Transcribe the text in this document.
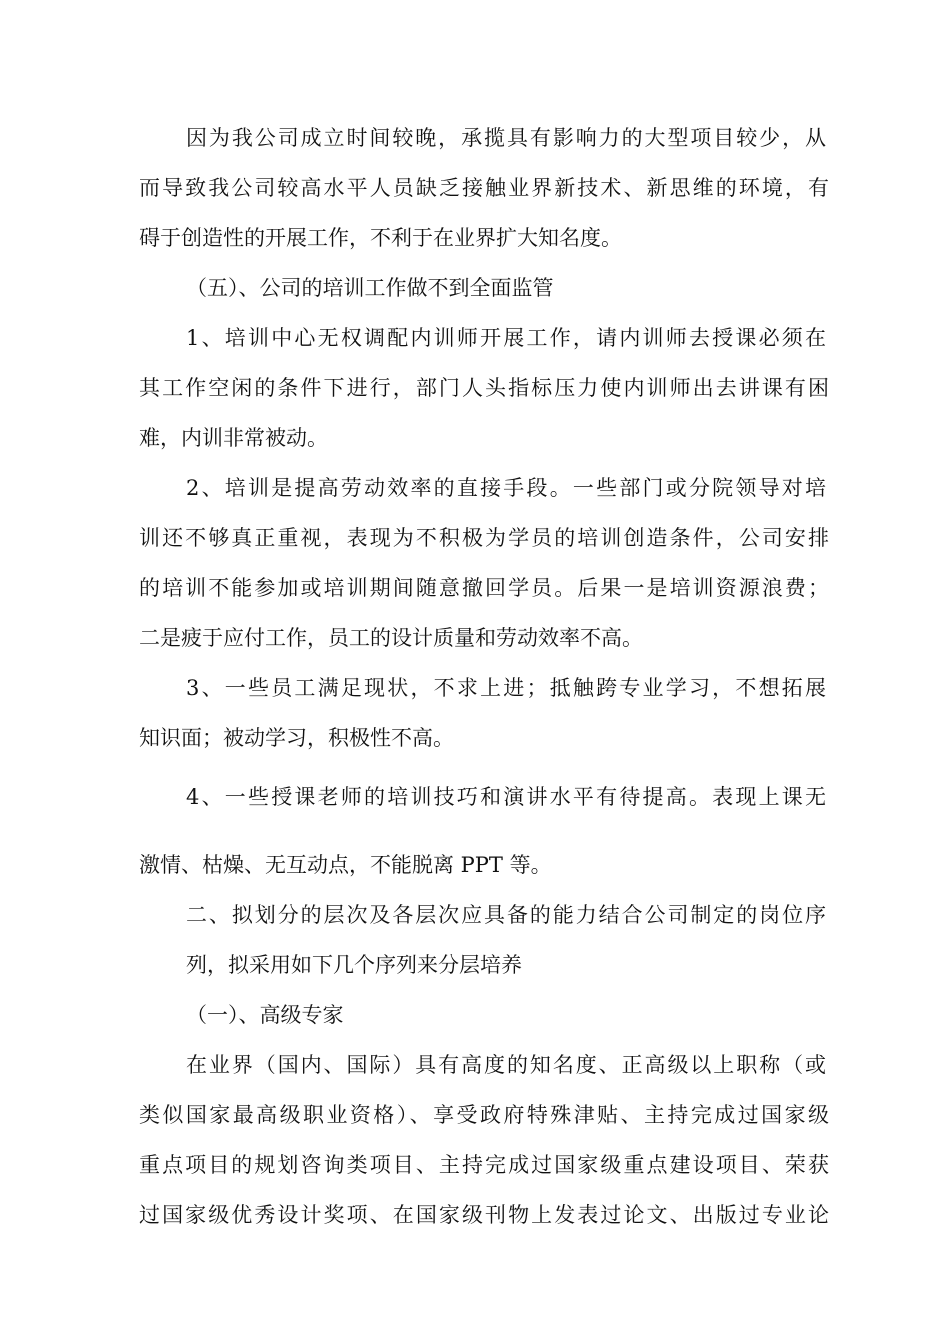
因为我公司成立时间较晚，承揽具有影响力的大型项目较少，从
而导致我公司较高水平人员缺乏接触业界新技术、新思维的环境，有
碍于创造性的开展工作，不利于在业界扩大知名度。
（五）、公司的培训工作做不到全面监管
1、培训中心无权调配内训师开展工作，请内训师去授课必须在
其工作空闲的条件下进行，部门人头指标压力使内训师出去讲课有困
难，内训非常被动。
2、培训是提高劳动效率的直接手段。一些部门或分院领导对培
训还不够真正重视，表现为不积极为学员的培训创造条件，公司安排
的培训不能参加或培训期间随意撤回学员。后果一是培训资源浪费；
二是疲于应付工作，员工的设计质量和劳动效率不高。
3、一些员工满足现状，不求上进；抵触跨专业学习，不想拓展
知识面；被动学习，积极性不高。
4、一些授课老师的培训技巧和演讲水平有待提高。表现上课无
激情、枯燥、无互动点，不能脱离 PPT 等。
二、拟划分的层次及各层次应具备的能力结合公司制定的岗位序
列，拟采用如下几个序列来分层培养
（一）、高级专家
在业界（国内、国际）具有高度的知名度、正高级以上职称（或
类似国家最高级职业资格）、享受政府特殊津贴、主持完成过国家级
重点项目的规划咨询类项目、主持完成过国家级重点建设项目、荣获
过国家级优秀设计奖项、在国家级刊物上发表过论文、出版过专业论
